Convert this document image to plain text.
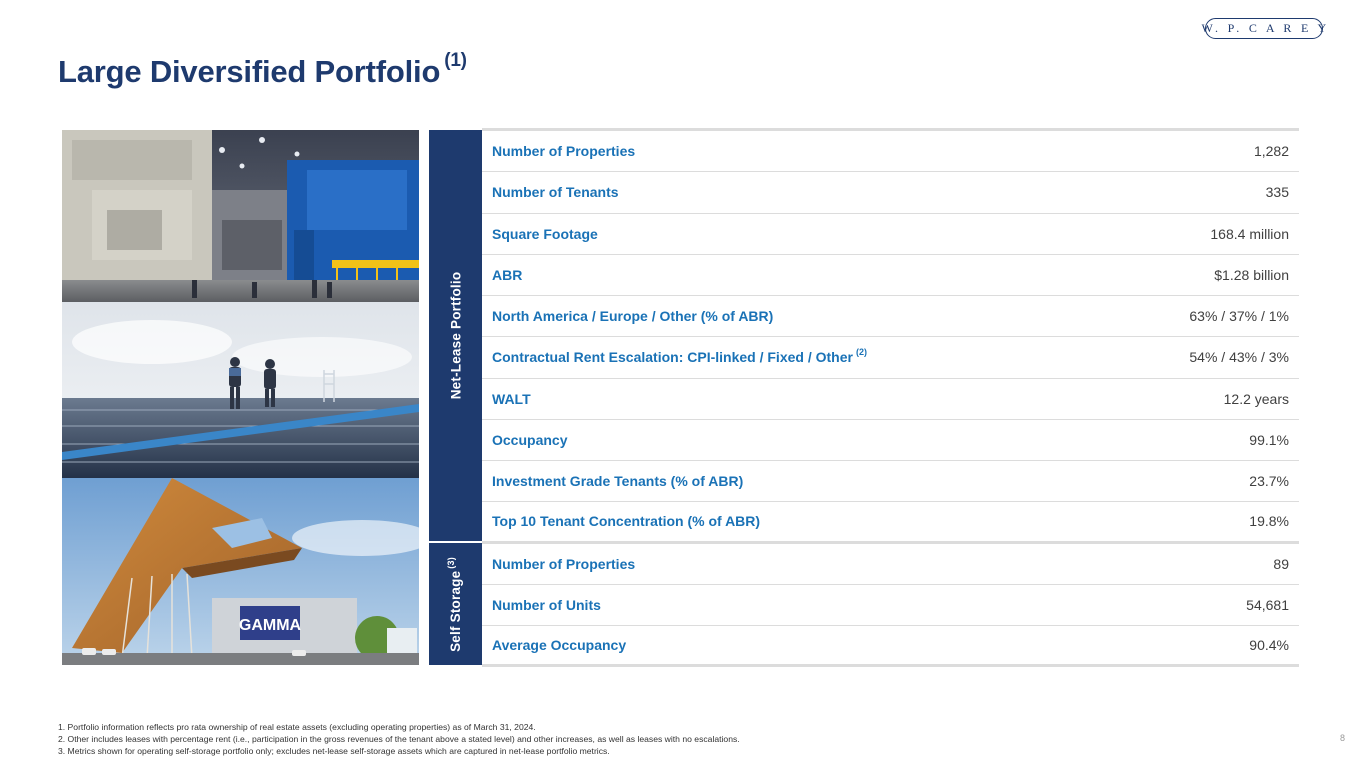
W. P. C A R E Y
Large Diversified Portfolio $^{(1)}$
GAMMA
Net-Lease Portfolio
Self Storage$^{(3)}$
Number of Properties	1,282
Number of Tenants	335
Square Footage	168.4 million
ABR	$1.28 billion
North America / Europe / Other (% of ABR)	63% / 37% / 1%
Contractual Rent Escalation: CPI-linked / Fixed / Other $^{(2)}$	54% / 43% / 3%
WALT	12.2 years
Occupancy	99.1%
Investment Grade Tenants (% of ABR)	23.7%
Top 10 Tenant Concentration (% of ABR)	19.8%
Number of Properties	89
Number of Units	54,681
Average Occupancy	90.4%
1. Portfolio information reflects pro rata ownership of real estate assets (excluding operating properties) as of March 31, 2024.
2. Other includes leases with percentage rent (i.e., participation in the gross revenues of the tenant above a stated level) and other increases, as well as leases with no escalations.
3. Metrics shown for operating self-storage portfolio only; excludes net-lease self-storage assets which are captured in net-lease portfolio metrics.
8
